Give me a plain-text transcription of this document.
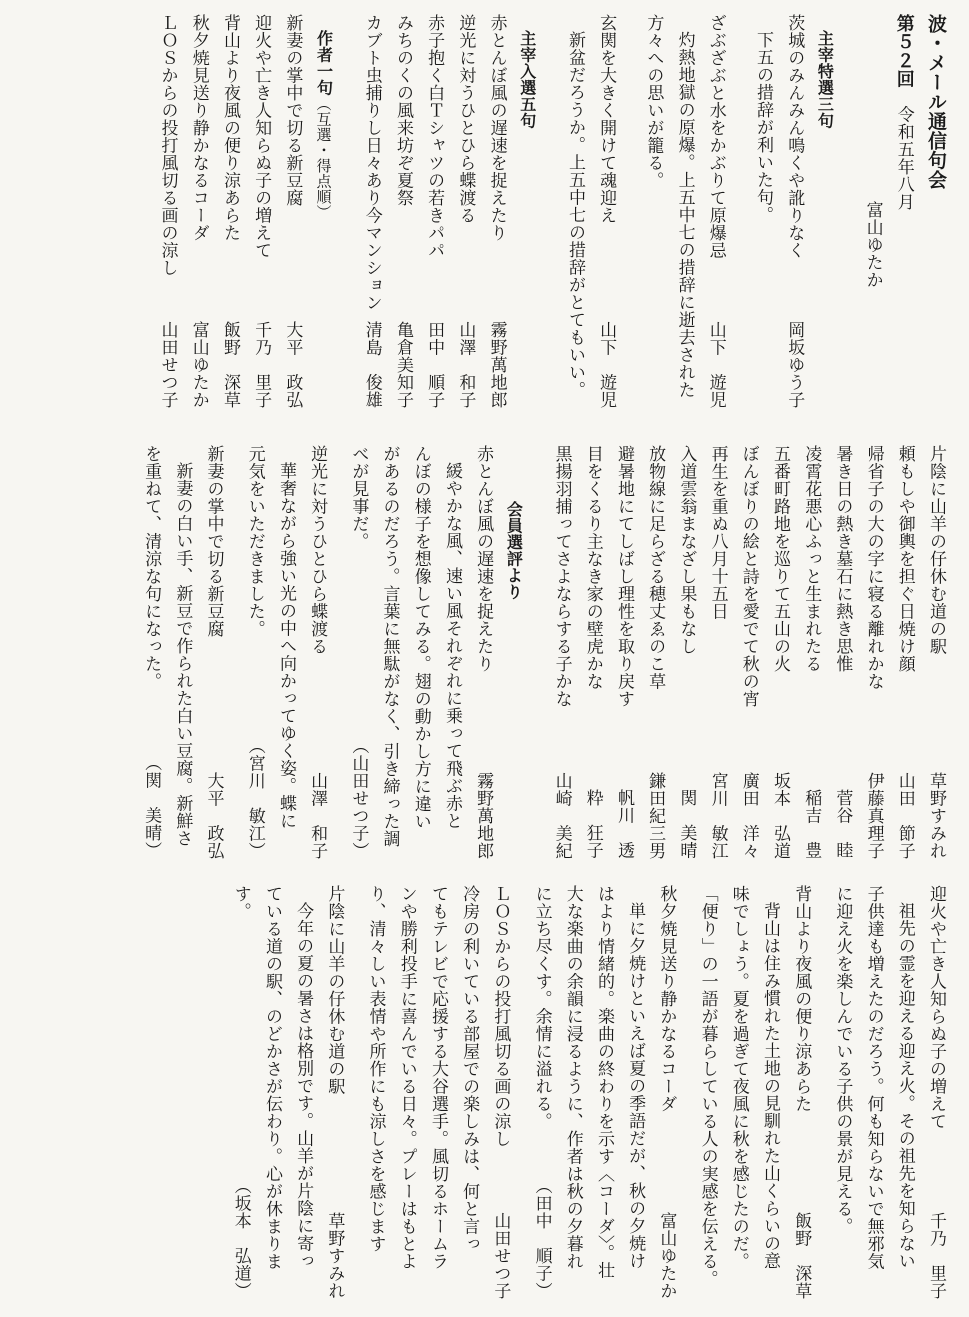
波・メール通信句会
第５２回　令和五年八月
富山ゆたか
主宰特選三句
茨城のみんみん鳴くや訛りなく
岡坂ゆう子
下五の措辞が利いた句。
ざぶざぶと水をかぶりて原爆忌
山下　遊児
灼熱地獄の原爆。上五中七の措辞に逝去された
方々への思いが籠る。
玄関を大きく開けて魂迎え
山下　遊児
新盆だろうか。上五中七の措辞がとてもいい。
主宰入選五句
赤とんぼ風の遅速を捉えたり
霧野萬地郎
逆光に対うひとひら蝶渡る
山澤　和子
赤子抱く白Ｔシャツの若きパパ
田中　順子
みちのくの風来坊ぞ夏祭
亀倉美知子
カブト虫捕りし日々あり今マンション
清島　俊雄
作者一句（互選・得点順）
新妻の掌中で切る新豆腐
大平　政弘
迎火や亡き人知らぬ子の増えて
千乃　里子
背山より夜風の便り涼あらた
飯野　深草
秋夕焼見送り静かなるコーダ
富山ゆたか
ＬＯＳからの投打風切る画の涼し
山田せつ子
片陰に山羊の仔休む道の駅
草野すみれ
頼もしや御輿を担ぐ日焼け顔
山田　節子
帰省子の大の字に寝る離れかな
伊藤真理子
暑き日の熱き墓石に熱き思惟
菅谷　睦
凌霄花悪心ふっと生まれたる
稲吉　豊
五番町路地を巡りて五山の火
坂本　弘道
ぼんぼりの絵と詩を愛でて秋の宵
廣田　洋々
再生を重ぬ八月十五日
宮川　敏江
入道雲翁まなざし果もなし
関　美晴
放物線に足らざる穂丈ゑのこ草
鎌田紀三男
避暑地にてしばし理性を取り戻す
帆川　透
目をくるり主なき家の壁虎かな
粋　狂子
黒揚羽捕ってさよならする子かな
山崎　美紀
会員選評より
赤とんぼ風の遅速を捉えたり
霧野萬地郎
緩やかな風、速い風それぞれに乗って飛ぶ赤と
んぼの様子を想像してみる。翅の動かし方に違い
があるのだろう。言葉に無駄がなく、引き締った調
べが見事だ。
（山田せつ子）
逆光に対うひとひら蝶渡る
山澤　和子
華奢ながら強い光の中へ向かってゆく姿。蝶に
元気をいただきました。
（宮川　敏江）
新妻の掌中で切る新豆腐
大平　政弘
新妻の白い手、新豆で作られた白い豆腐。新鮮さ
を重ねて、清涼な句になった。
（関　美晴）
迎火や亡き人知らぬ子の増えて
千乃　里子
祖先の霊を迎える迎え火。その祖先を知らない
子供達も増えたのだろう。何も知らないで無邪気
に迎え火を楽しんでいる子供の景が見える。
背山より夜風の便り涼あらた
飯野　深草
背山は住み慣れた土地の見馴れた山くらいの意
味でしょう。夏を過ぎて夜風に秋を感じたのだ。
「便り」の一語が暮らしている人の実感を伝える。
秋夕焼見送り静かなるコーダ
富山ゆたか
単に夕焼けといえば夏の季語だが、秋の夕焼け
はより情緒的。楽曲の終わりを示す〈コーダ〉。壮
大な楽曲の余韻に浸るように、作者は秋の夕暮れ
に立ち尽くす。余情に溢れる。
（田中　順子）
ＬＯＳからの投打風切る画の涼し
山田せつ子
冷房の利いている部屋での楽しみは、何と言っ
てもテレビで応援する大谷選手。風切るホームラ
ンや勝利投手に喜んでいる日々。プレーはもとよ
り、清々しい表情や所作にも涼しさを感じます
片陰に山羊の仔休む道の駅
草野すみれ
今年の夏の暑さは格別です。山羊が片陰に寄っ
ている道の駅、のどかさが伝わり。心が休まりま
す。
（坂本　弘道）
